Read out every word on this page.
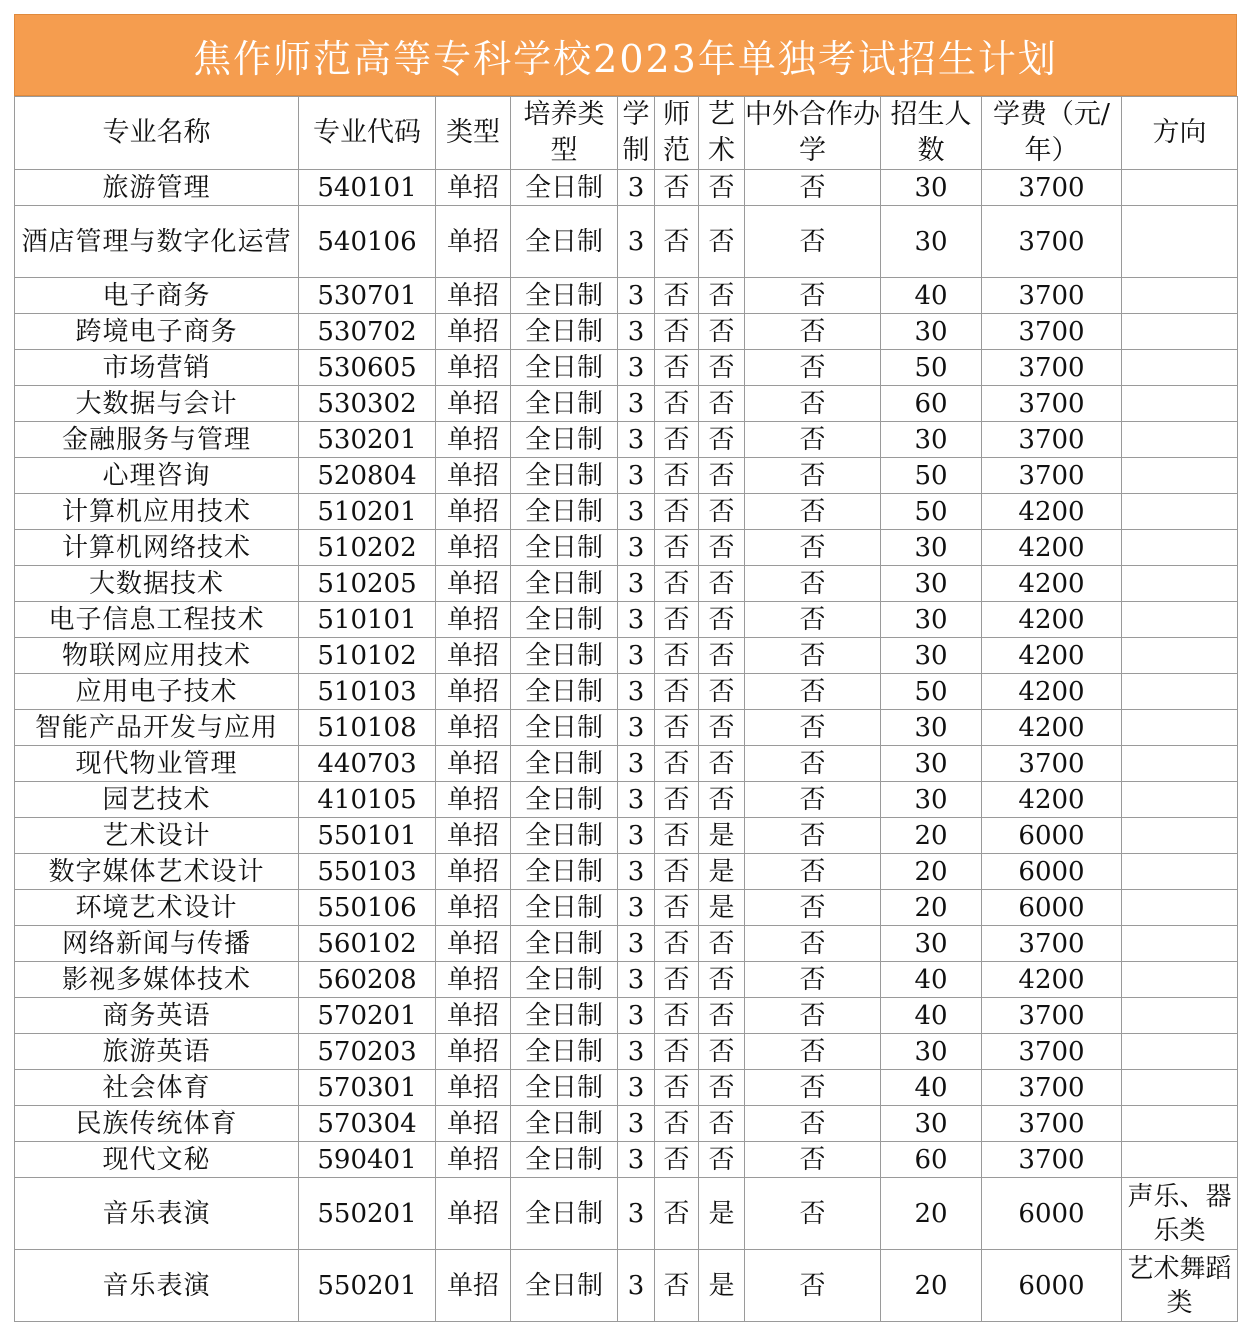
焦作师范高等专科学校2023年单独考试招生计划
专业名称	专业代码	类型	培养类型	学制	师范	艺术	中外合作办学	招生人数	学费（元/年）	方向
旅游管理	540101	单招	全日制	3	否	否	否	30	3700	
酒店管理与数字化运营	540106	单招	全日制	3	否	否	否	30	3700	
电子商务	530701	单招	全日制	3	否	否	否	40	3700	
跨境电子商务	530702	单招	全日制	3	否	否	否	30	3700	
市场营销	530605	单招	全日制	3	否	否	否	50	3700	
大数据与会计	530302	单招	全日制	3	否	否	否	60	3700	
金融服务与管理	530201	单招	全日制	3	否	否	否	30	3700	
心理咨询	520804	单招	全日制	3	否	否	否	50	3700	
计算机应用技术	510201	单招	全日制	3	否	否	否	50	4200	
计算机网络技术	510202	单招	全日制	3	否	否	否	30	4200	
大数据技术	510205	单招	全日制	3	否	否	否	30	4200	
电子信息工程技术	510101	单招	全日制	3	否	否	否	30	4200	
物联网应用技术	510102	单招	全日制	3	否	否	否	30	4200	
应用电子技术	510103	单招	全日制	3	否	否	否	50	4200	
智能产品开发与应用	510108	单招	全日制	3	否	否	否	30	4200	
现代物业管理	440703	单招	全日制	3	否	否	否	30	3700	
园艺技术	410105	单招	全日制	3	否	否	否	30	4200	
艺术设计	550101	单招	全日制	3	否	是	否	20	6000	
数字媒体艺术设计	550103	单招	全日制	3	否	是	否	20	6000	
环境艺术设计	550106	单招	全日制	3	否	是	否	20	6000	
网络新闻与传播	560102	单招	全日制	3	否	否	否	30	3700	
影视多媒体技术	560208	单招	全日制	3	否	否	否	40	4200	
商务英语	570201	单招	全日制	3	否	否	否	40	3700	
旅游英语	570203	单招	全日制	3	否	否	否	30	3700	
社会体育	570301	单招	全日制	3	否	否	否	40	3700	
民族传统体育	570304	单招	全日制	3	否	否	否	30	3700	
现代文秘	590401	单招	全日制	3	否	否	否	60	3700	
音乐表演	550201	单招	全日制	3	否	是	否	20	6000	声乐、器乐类
音乐表演	550201	单招	全日制	3	否	是	否	20	6000	艺术舞蹈类
